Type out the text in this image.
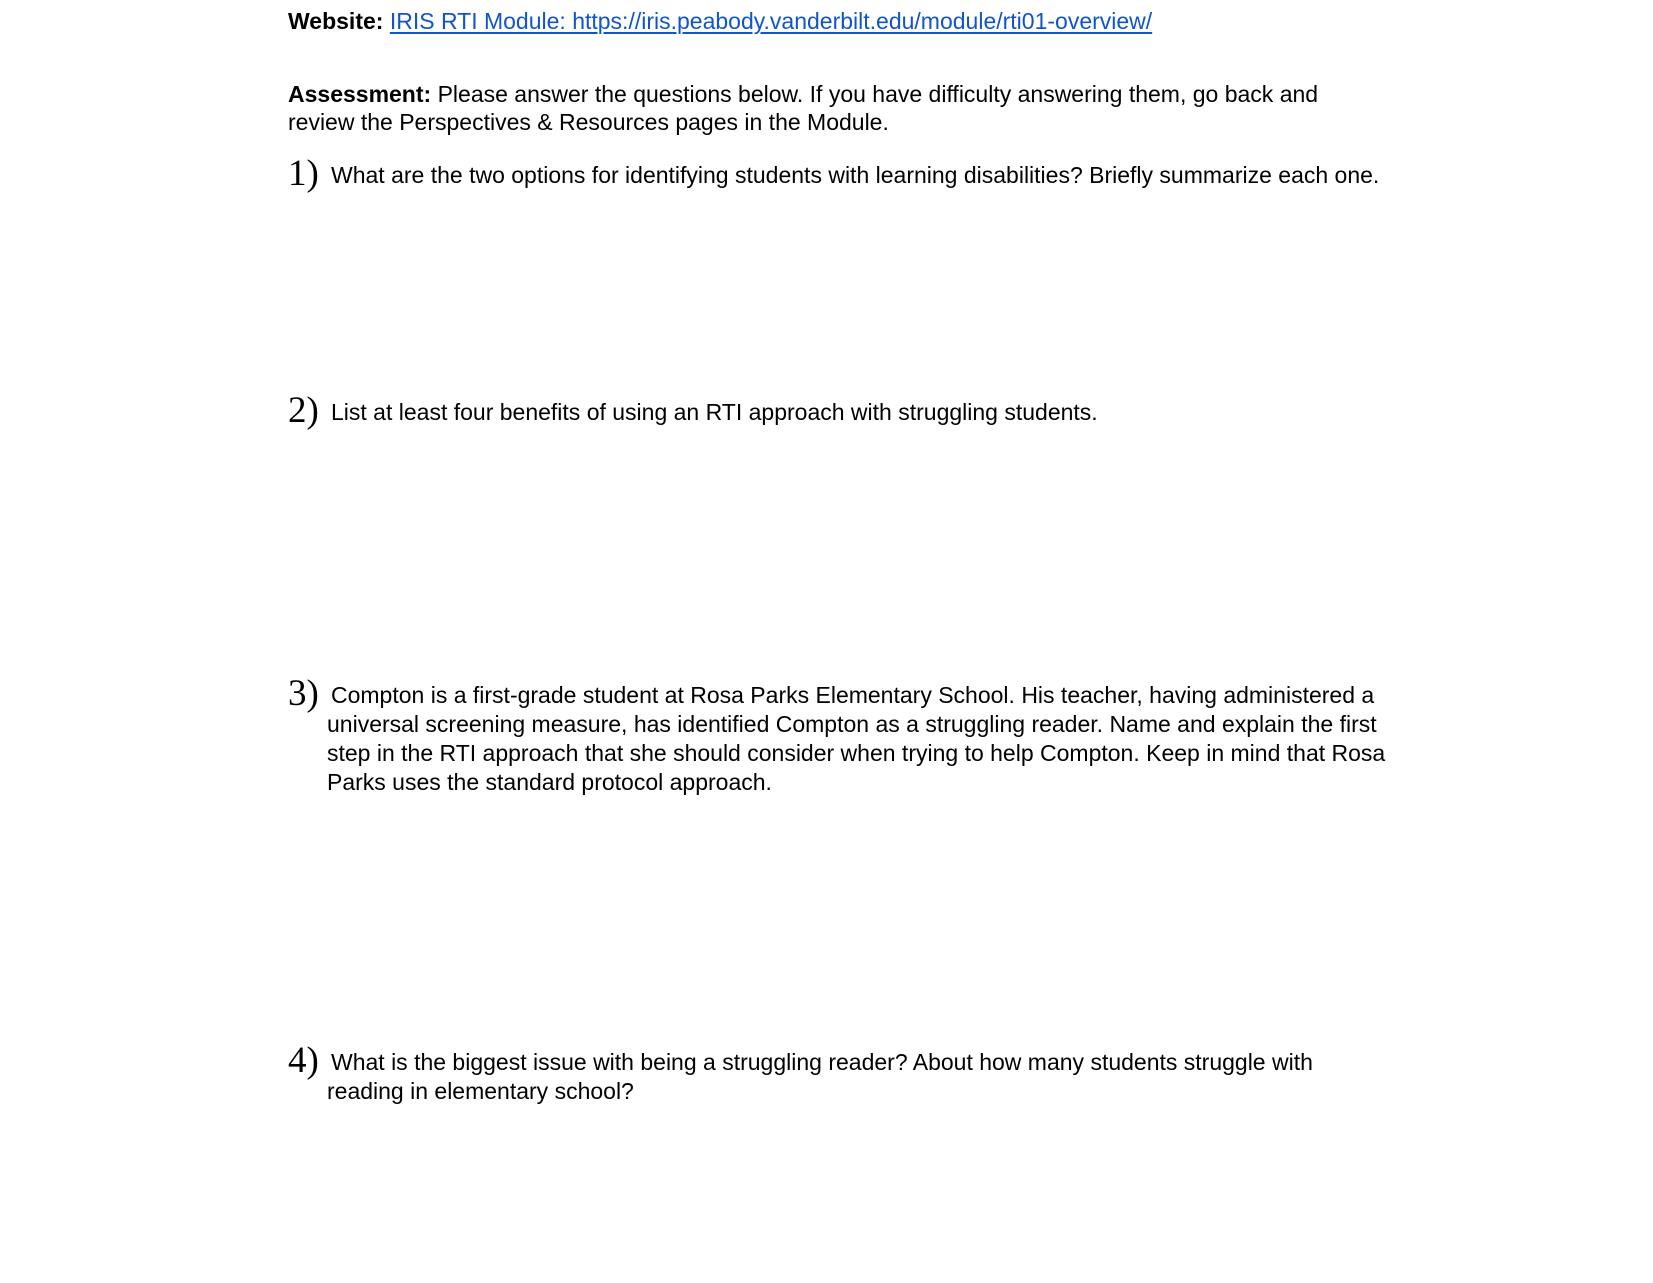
Website: IRIS RTI Module: https://iris.peabody.vanderbilt.edu/module/rti01-overview/
Assessment: Please answer the questions below. If you have difficulty answering them, go back and review the Perspectives & Resources pages in the Module.
1) What are the two options for identifying students with learning disabilities? Briefly summarize each one.
2) List at least four benefits of using an RTI approach with struggling students.
3) Compton is a first-grade student at Rosa Parks Elementary School. His teacher, having administered a universal screening measure, has identified Compton as a struggling reader. Name and explain the first step in the RTI approach that she should consider when trying to help Compton. Keep in mind that Rosa Parks uses the standard protocol approach.
4) What is the biggest issue with being a struggling reader? About how many students struggle with reading in elementary school?
